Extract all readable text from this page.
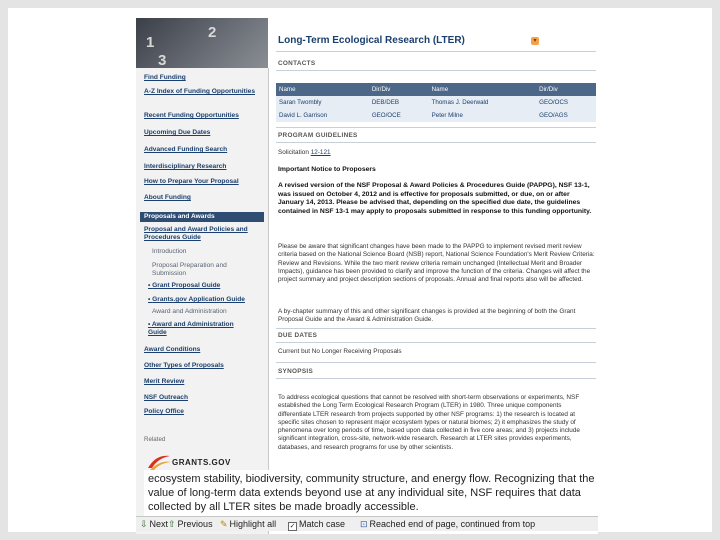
1
2
3
Find Funding
A-Z Index of Funding Opportunities
Recent Funding Opportunities
Upcoming Due Dates
Advanced Funding Search
Interdisciplinary Research
How to Prepare Your Proposal
About Funding
Proposals and Awards
Proposal and Award Policies and Procedures Guide
Introduction
Proposal Preparation and Submission
• Grant Proposal Guide
• Grants.gov Application Guide
Award and Administration
• Award and Administration Guide
Award Conditions
Other Types of Proposals
Merit Review
NSF Outreach
Policy Office
Related
GRANTS.GOV
Long-Term Ecological Research (LTER)	▾
CONTACTS
Name	Dir/Div	Name	Dir/Div
Saran Twombly	DEB/DEB	Thomas J. Deerwald	GEO/OCS
David L. Garrison	GEO/OCE	Peter Milne	GEO/AGS
PROGRAM GUIDELINES
Solicitation 12-121
Important Notice to Proposers
A revised version of the NSF Proposal & Award Policies & Procedures Guide (PAPPG), NSF 13-1, was issued on October 4, 2012 and is effective for proposals submitted, or due, on or after January 14, 2013. Please be advised that, depending on the specified due date, the guidelines contained in NSF 13-1 may apply to proposals submitted in response to this funding opportunity.
Please be aware that significant changes have been made to the PAPPG to implement revised merit review criteria based on the National Science Board (NSB) report, National Science Foundation's Merit Review Criteria: Review and Revisions. While the two merit review criteria remain unchanged (Intellectual Merit and Broader Impacts), guidance has been provided to clarify and improve the function of the criteria. Changes will affect the project summary and project description sections of proposals. Annual and final reports also will be affected.
A by-chapter summary of this and other significant changes is provided at the beginning of both the Grant Proposal Guide and the Award & Administration Guide.
DUE DATES
Current but No Longer Receiving Proposals
SYNOPSIS
To address ecological questions that cannot be resolved with short-term observations or experiments, NSF established the Long Term Ecological Research Program (LTER) in 1980. Three unique components differentiate LTER research from projects supported by other NSF programs: 1) the research is located at specific sites chosen to represent major ecosystem types or natural biomes; 2) it emphasizes the study of phenomena over long periods of time, based upon data collected in five core areas; and 3) projects include significant integration, cross-site, network-wide research. Research at LTER sites provides experiments, databases, and research programs for use by other scientists.
ecosystem stability, biodiversity, community structure, and energy flow. Recognizing that the value of long-term data extends beyond use at any individual site, NSF requires that data collected by all LTER sites be made broadly accessible.
⇩ Next ⇧ Previous ✎ Highlight all ✓ Match case ⊡ Reached end of page, continued from top
